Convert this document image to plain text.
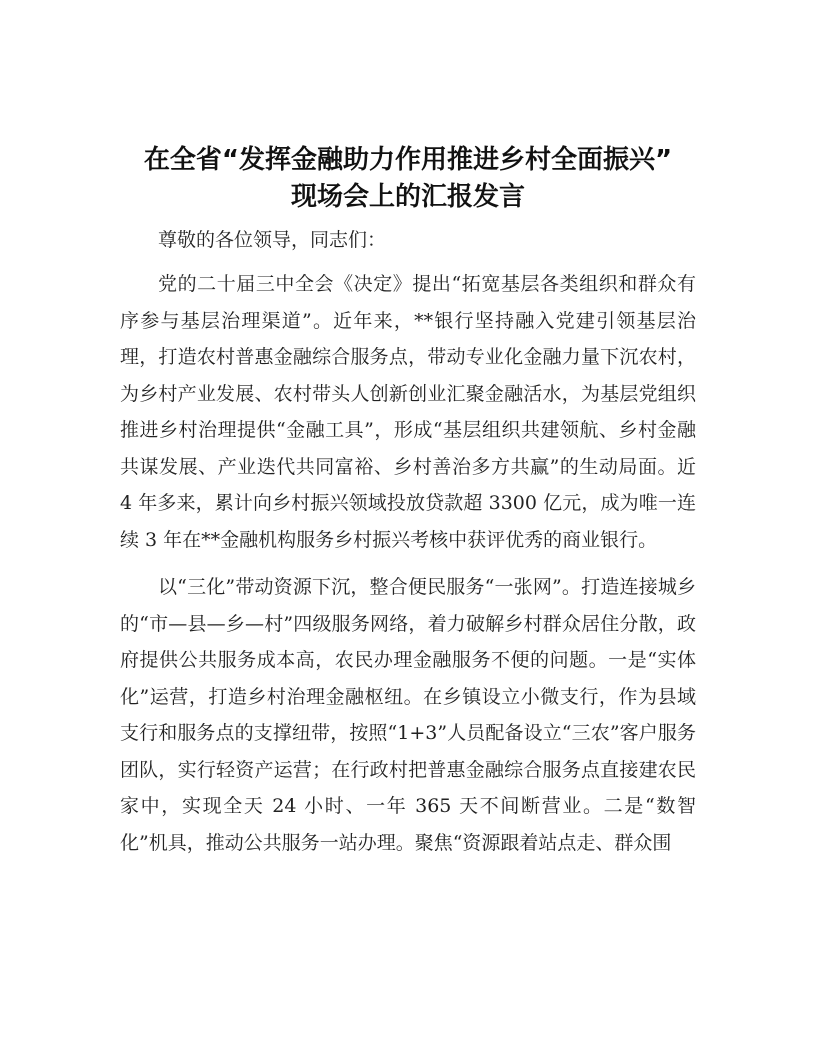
在全省“发挥金融助力作用推进乡村全面振兴”
现场会上的汇报发言

尊敬的各位领导，同志们：

党的二十届三中全会《决定》提出“拓宽基层各类组织和群众有序参与基层治理渠道”。近年来，**银行坚持融入党建引领基层治理，打造农村普惠金融综合服务点，带动专业化金融力量下沉农村，为乡村产业发展、农村带头人创新创业汇聚金融活水，为基层党组织推进乡村治理提供“金融工具”，形成“基层组织共建领航、乡村金融共谋发展、产业迭代共同富裕、乡村善治多方共赢”的生动局面。近 4 年多来，累计向乡村振兴领域投放贷款超 3300 亿元，成为唯一连续 3 年在**金融机构服务乡村振兴考核中获评优秀的商业银行。

以“三化”带动资源下沉，整合便民服务“一张网”。打造连接城乡的“市—县—乡—村”四级服务网络，着力破解乡村群众居住分散，政府提供公共服务成本高，农民办理金融服务不便的问题。一是“实体化”运营，打造乡村治理金融枢纽。在乡镇设立小微支行，作为县域支行和服务点的支撑纽带，按照“1+3”人员配备设立“三农”客户服务团队，实行轻资产运营；在行政村把普惠金融综合服务点直接建农民家中，实现全天 24 小时、一年 365 天不间断营业。二是“数智化”机具，推动公共服务一站办理。聚焦“资源跟着站点走、群众围
